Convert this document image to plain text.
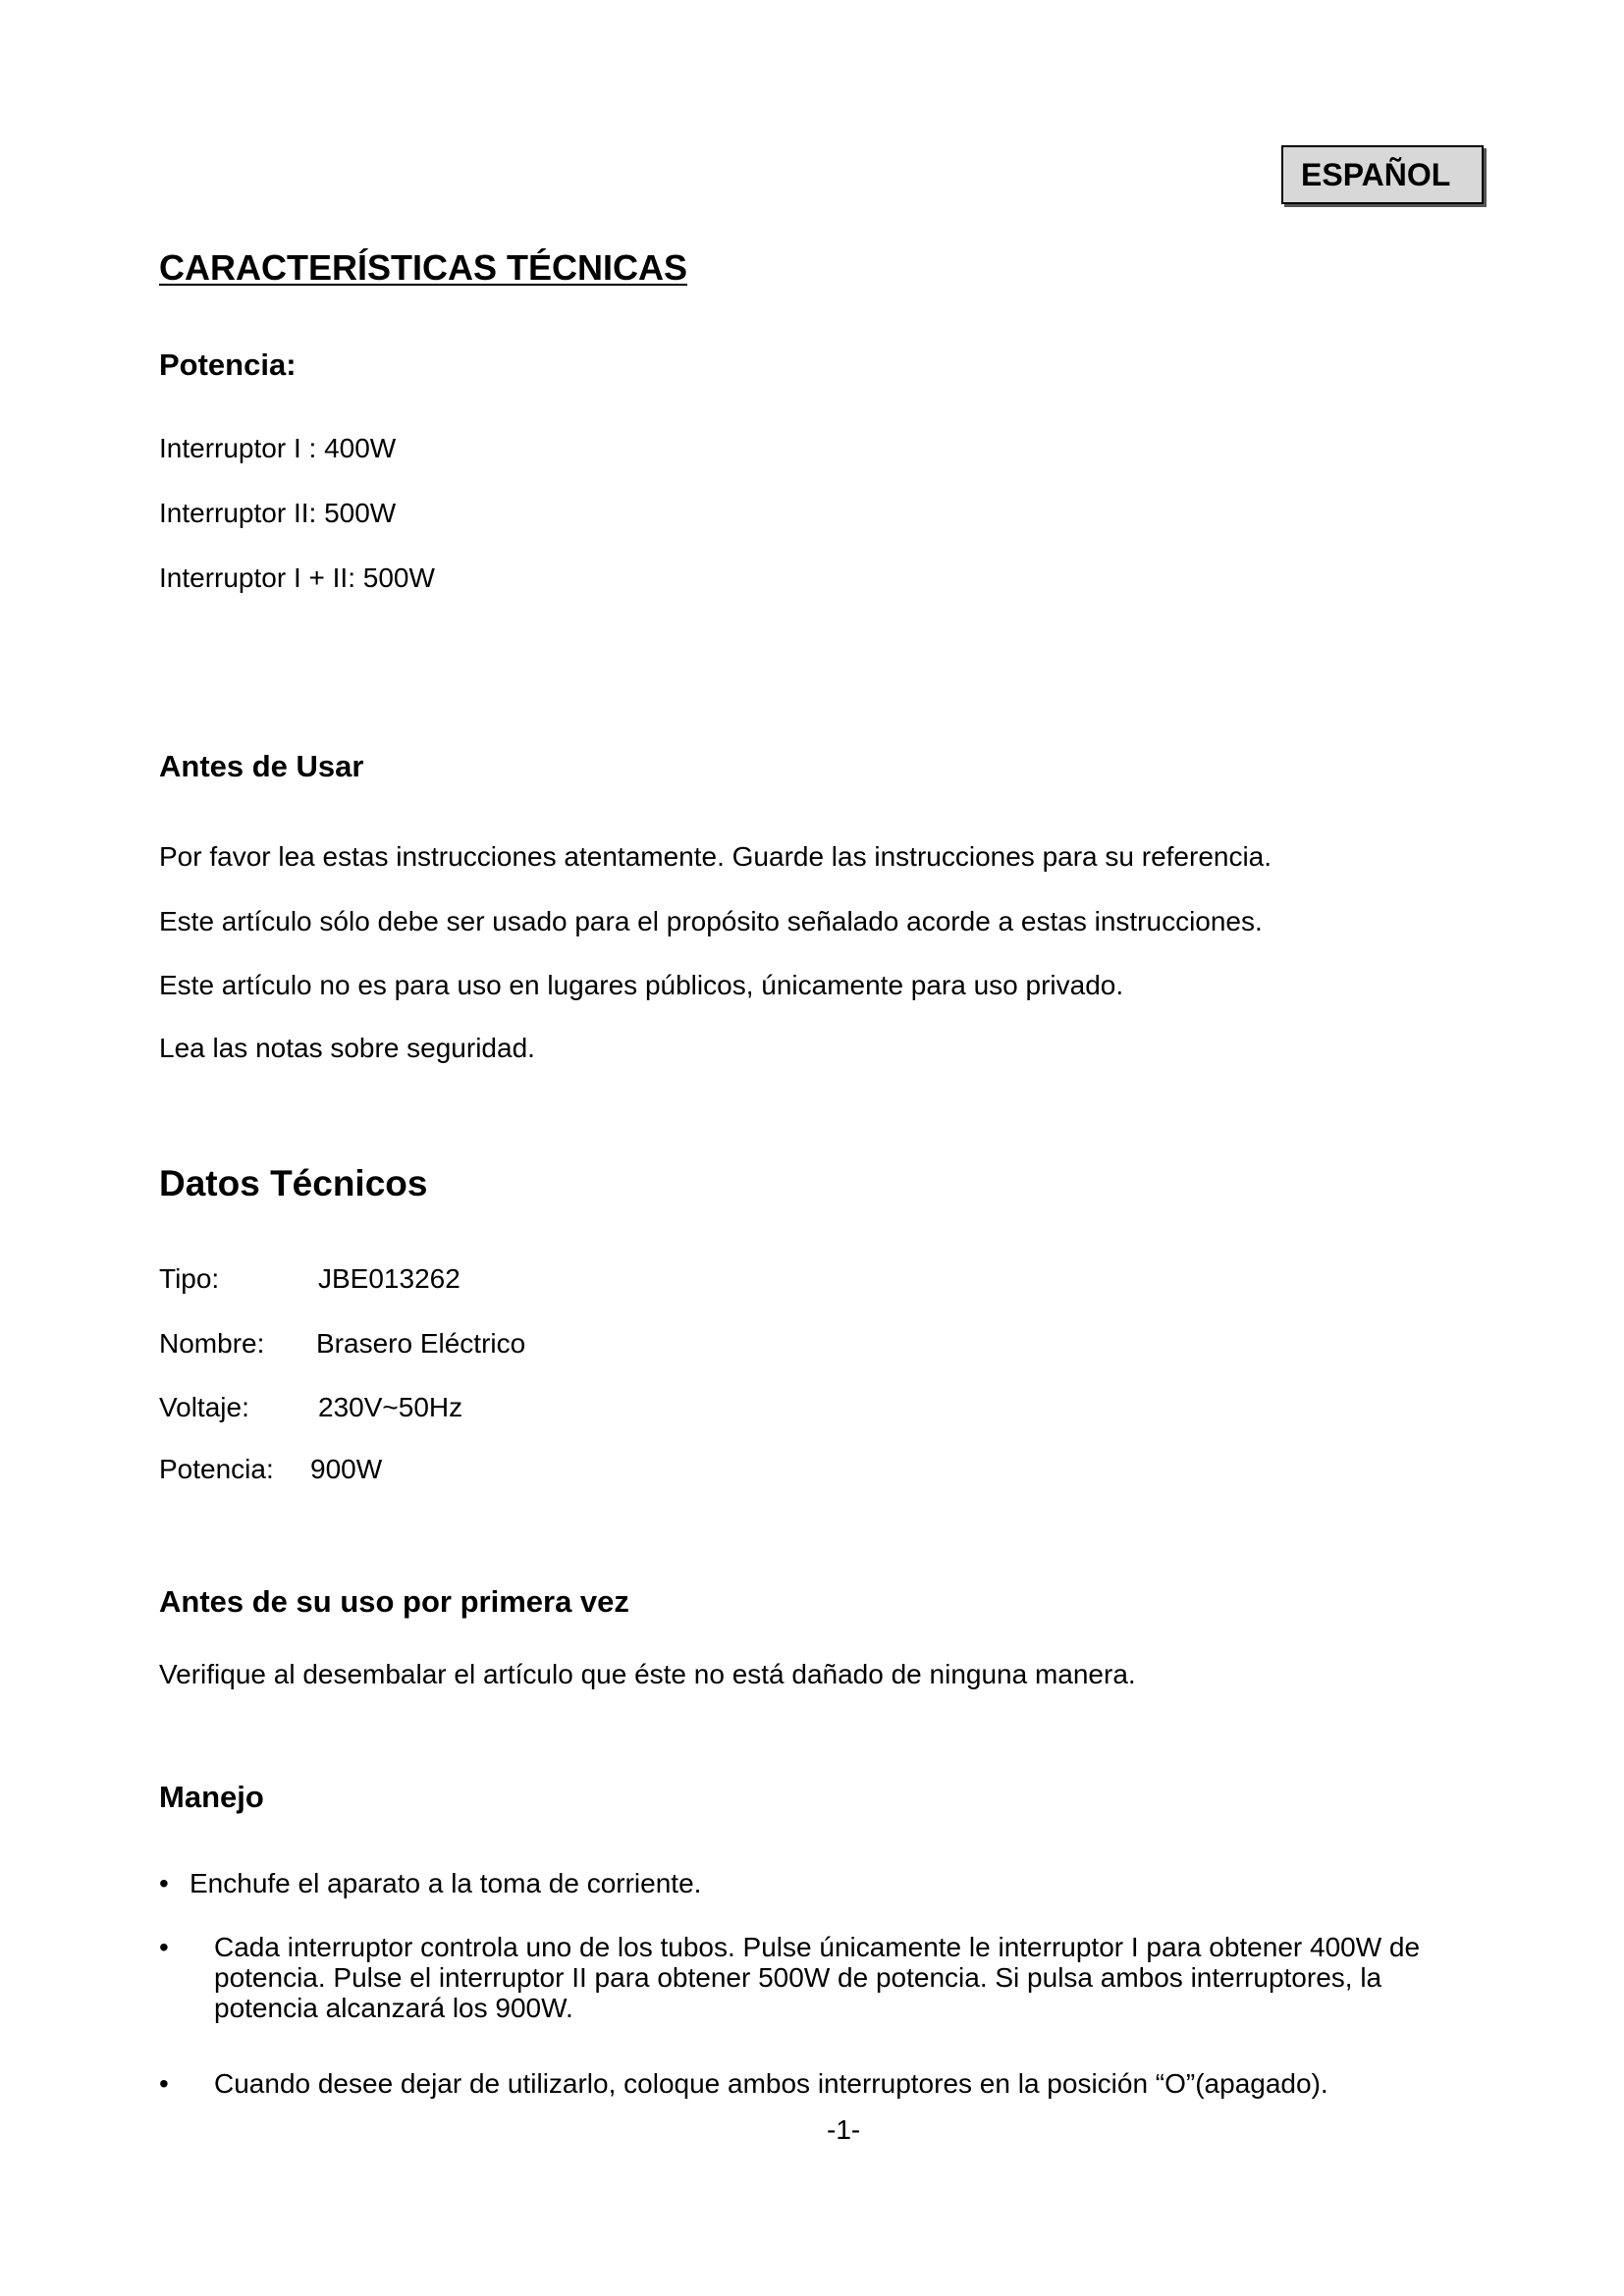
ESPAÑOL
CARACTERÍSTICAS TÉCNICAS
Potencia:
Interruptor I : 400W
Interruptor II: 500W
Interruptor I + II: 500W
Antes de Usar
Por favor lea estas instrucciones atentamente. Guarde las instrucciones para su referencia.
Este artículo sólo debe ser usado para el propósito señalado acorde a estas instrucciones.
Este artículo no es para uso en lugares públicos, únicamente para uso privado.
Lea las notas sobre seguridad.
Datos Técnicos
Tipo:	JBE013262
Nombre: Brasero Eléctrico
Voltaje:	230V~50Hz
Potencia: 900W
Antes de su uso por primera vez
Verifique al desembalar el artículo que éste no está dañado de ninguna manera.
Manejo
• Enchufe el aparato a la toma de corriente.
• Cada interruptor controla uno de los tubos. Pulse únicamente le interruptor I para obtener 400W de potencia. Pulse el interruptor II para obtener 500W de potencia. Si pulsa ambos interruptores, la potencia alcanzará los 900W.
• Cuando desee dejar de utilizarlo, coloque ambos interruptores en la posición “O”(apagado).
-1-
